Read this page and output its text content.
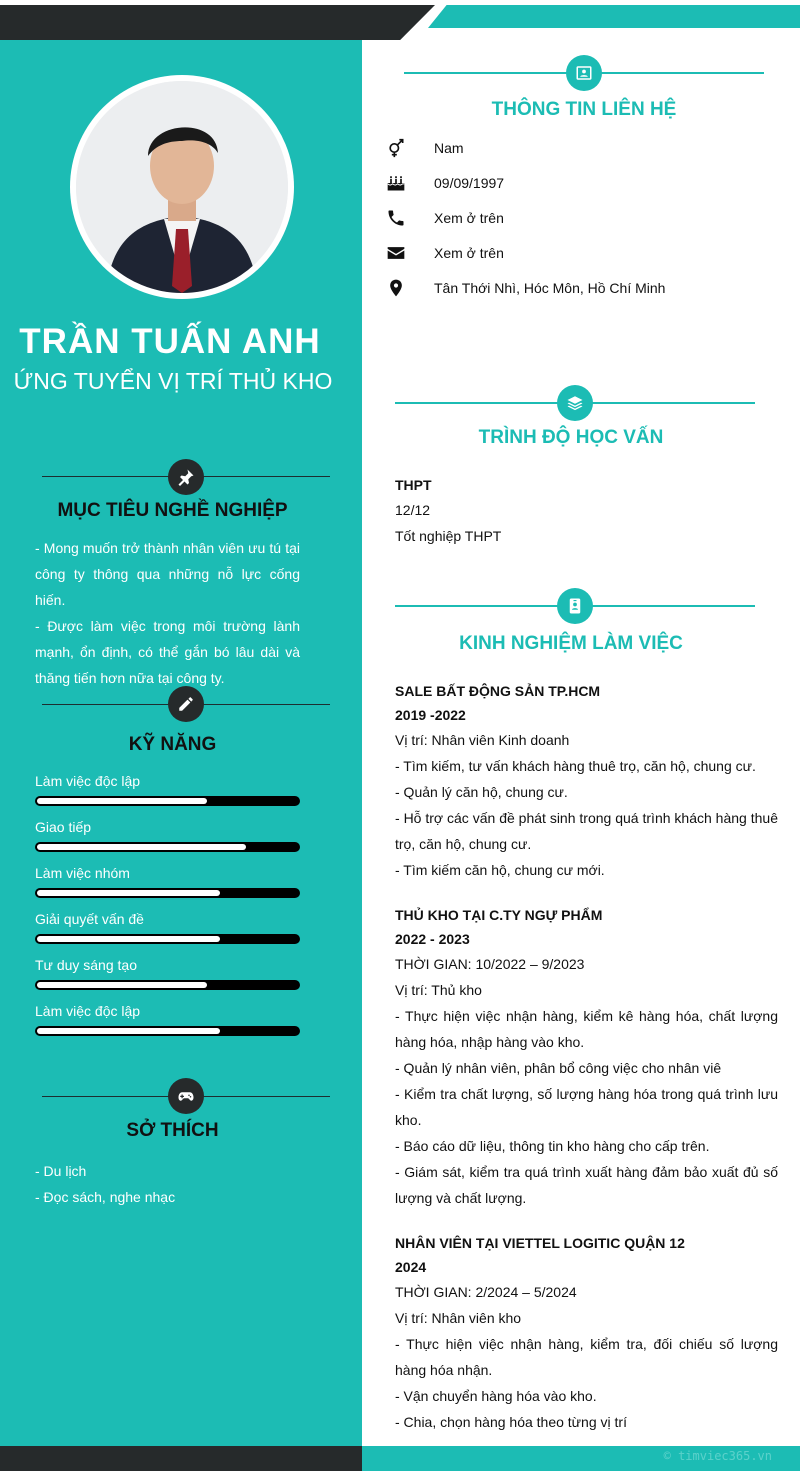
TRẦN TUẤN ANH
ỨNG TUYỂN VỊ TRÍ THỦ KHO
MỤC TIÊU NGHỀ NGHIỆP

- Mong muốn trở thành nhân viên ưu tú tại công ty thông qua những nỗ lực cống hiến.

- Được làm việc trong môi trường lành mạnh, ổn định, có thể gắn bó lâu dài và thăng tiến hơn nữa tại công ty.

KỸ NĂNG
Làm việc độc lập
Giao tiếp
Làm việc nhóm
Giải quyết vấn đề
Tư duy sáng tạo
Làm việc độc lập
SỞ THÍCH
- Du lịch
- Đọc sách, nghe nhạc
THÔNG TIN LIÊN HỆ
Nam
09/09/1997
Xem ở trên
Xem ở trên
Tân Thới Nhì, Hóc Môn, Hồ Chí Minh
TRÌNH ĐỘ HỌC VẤN
THPT
12/12
Tốt nghiệp THPT
KINH NGHIỆM LÀM VIỆC
SALE BẤT ĐỘNG SẢN TP.HCM
2019 -2022
Vị trí: Nhân viên Kinh doanh
- Tìm kiếm, tư vấn khách hàng thuê trọ, căn hộ, chung cư.
- Quản lý căn hộ, chung cư.
- Hỗ trợ các vấn đề phát sinh trong quá trình khách hàng thuê trọ, căn hộ, chung cư.
- Tìm kiếm căn hộ, chung cư mới.
THỦ KHO TẠI C.TY NGỰ PHẨM
2022 - 2023
THỜI GIAN: 10/2022 – 9/2023
Vị trí: Thủ kho
- Thực hiện việc nhận hàng, kiểm kê hàng hóa, chất lượng hàng hóa, nhập hàng vào kho.
- Quản lý nhân viên, phân bổ công việc cho nhân viê
- Kiểm tra chất lượng, số lượng hàng hóa trong quá trình lưu kho.
- Báo cáo dữ liệu, thông tin kho hàng cho cấp trên.
- Giám sát, kiểm tra quá trình xuất hàng đảm bảo xuất đủ số lượng và chất lượng.
NHÂN VIÊN TẠI VIETTEL LOGITIC QUẬN 12
2024
THỜI GIAN: 2/2024 – 5/2024
Vị trí: Nhân viên kho
- Thực hiện việc nhận hàng, kiểm tra, đối chiếu số lượng hàng hóa nhận.
- Vận chuyển hàng hóa vào kho.
- Chia, chọn hàng hóa theo từng vị trí
© timviec365.vn
